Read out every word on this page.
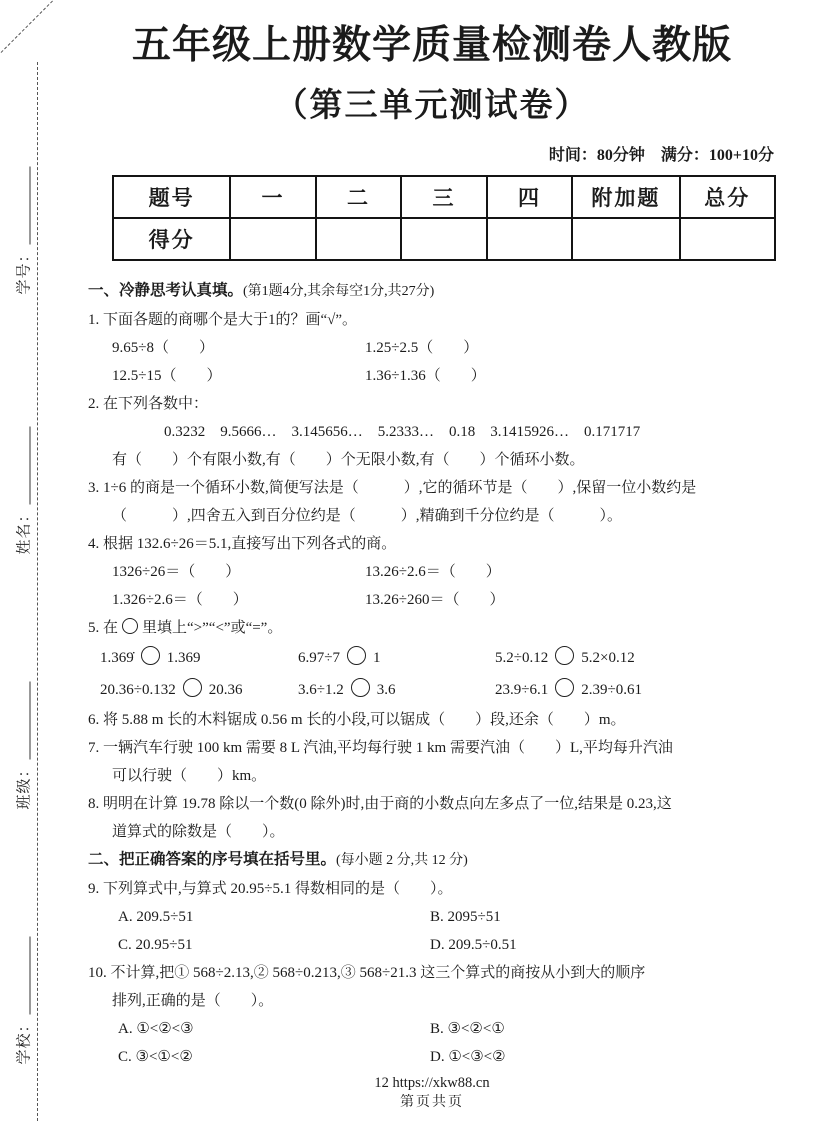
学号：
姓名：
班级：
学校：
五年级上册数学质量检测卷人教版
（第三单元测试卷）
时间：80分钟　满分：100+10分
题号	一	二	三	四	附加题	总分
得分						
一、冷静思考认真填。(第1题4分,其余每空1分,共27分)
1. 下面各题的商哪个是大于1的？画“√”。
9.65÷8（　　）	1.25÷2.5（　　）
12.5÷15（　　）	1.36÷1.36（　　）
2. 在下列各数中：
0.3232　9.5666…　3.145656…　5.2333…　0.18　3.1415926…　0.171717
有（　　）个有限小数,有（　　）个无限小数,有（　　）个循环小数。
3. 1÷6 的商是一个循环小数,简便写法是（　　　）,它的循环节是（　　）,保留一位小数约是
（　　　）,四舍五入到百分位约是（　　　）,精确到千分位约是（　　　）。
4. 根据 132.6÷26＝5.1,直接写出下列各式的商。
1326÷26＝（　　）	13.26÷2.6＝（　　）
1.326÷2.6＝（　　）	13.26÷260＝（　　）
5. 在 里填上“>”“<”或“=”。
1.369̇ 1.369	6.97÷7 1	5.2÷0.12 5.2×0.12
20.36÷0.132 20.36	3.6÷1.2 3.6	23.9÷6.1 2.39÷0.61
6. 将 5.88 m 长的木料锯成 0.56 m 长的小段,可以锯成（　　）段,还余（　　）m。
7. 一辆汽车行驶 100 km 需要 8 L 汽油,平均每行驶 1 km 需要汽油（　　）L,平均每升汽油
可以行驶（　　）km。
8. 明明在计算 19.78 除以一个数(0 除外)时,由于商的小数点向左多点了一位,结果是 0.23,这
道算式的除数是（　　）。
二、把正确答案的序号填在括号里。(每小题 2 分,共 12 分)
9. 下列算式中,与算式 20.95÷5.1 得数相同的是（　　）。
A. 209.5÷51	B. 2095÷51
C. 20.95÷51	D. 209.5÷0.51
10. 不计算,把① 568÷2.13,② 568÷0.213,③ 568÷21.3 这三个算式的商按从小到大的顺序
排列,正确的是（　　）。
A. ①<②<③	B. ③<②<①
C. ③<①<②	D. ①<③<②
12 https://xkw88.cn
第页共页
